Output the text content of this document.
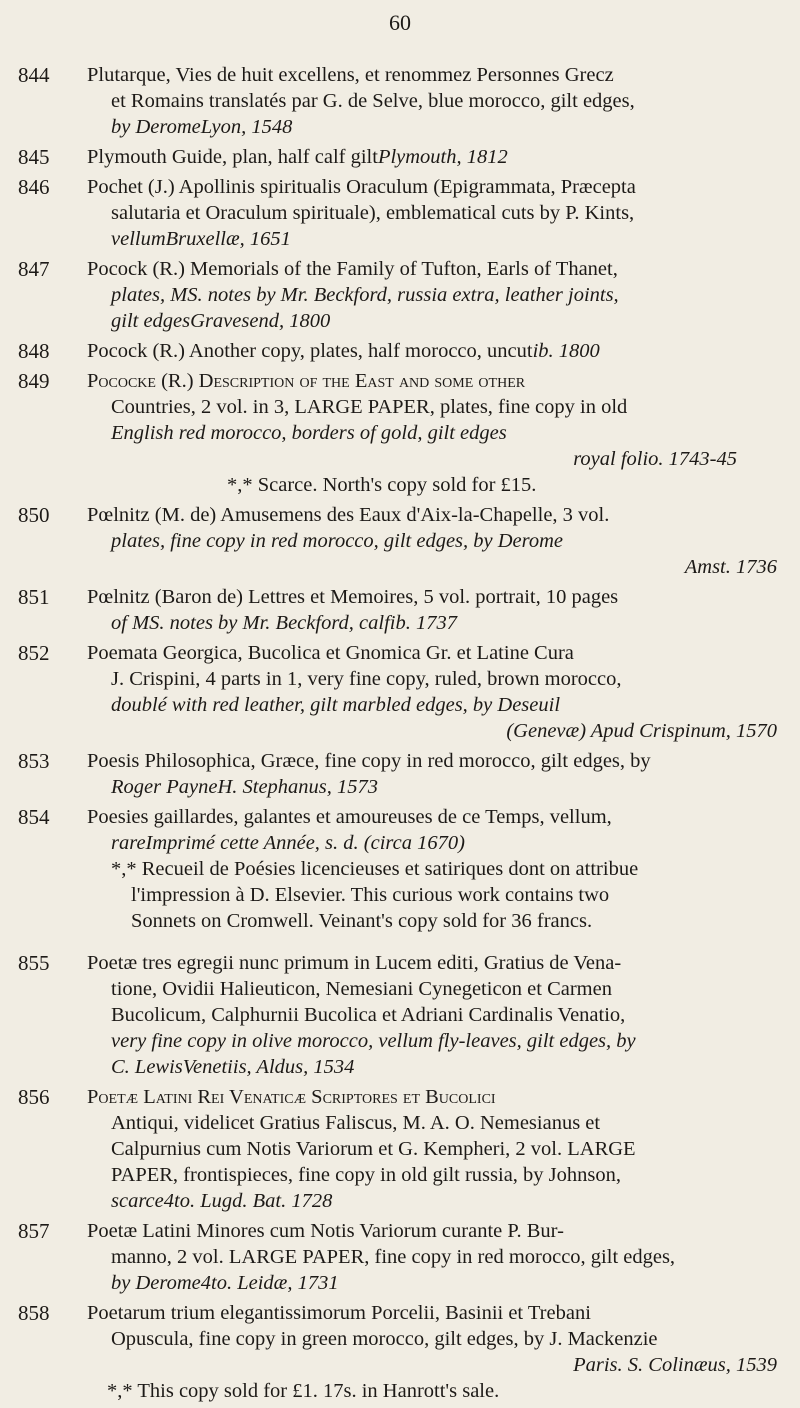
60
844 Plutarque, Vies de huit excellens, et renommez Personnes Grecz
et Romains translatés par G. de Selve, blue morocco, gilt edges,
by DeromeLyon, 1548
845 Plymouth Guide, plan, half calf giltPlymouth, 1812
846 Pochet (J.) Apollinis spiritualis Oraculum (Epigrammata, Præcepta
salutaria et Oraculum spirituale), emblematical cuts by P. Kints,
vellumBruxellæ, 1651
847 Pocock (R.) Memorials of the Family of Tufton, Earls of Thanet,
plates, MS. notes by Mr. Beckford, russia extra, leather joints,
gilt edgesGravesend, 1800
848 Pocock (R.) Another copy, plates, half morocco, uncutib. 1800
849 Pococke (R.) Description of the East and some other
Countries, 2 vol. in 3, LARGE PAPER, plates, fine copy in old
English red morocco, borders of gold, gilt edges
royal folio. 1743-45
*,* Scarce. North's copy sold for £15.
850 Pœlnitz (M. de) Amusemens des Eaux d'Aix-la-Chapelle, 3 vol.
plates, fine copy in red morocco, gilt edges, by Derome
Amst. 1736
851 Pœlnitz (Baron de) Lettres et Memoires, 5 vol. portrait, 10 pages
of MS. notes by Mr. Beckford, calfib. 1737
852 Poemata Georgica, Bucolica et Gnomica Gr. et Latine Cura
J. Crispini, 4 parts in 1, very fine copy, ruled, brown morocco,
doublé with red leather, gilt marbled edges, by Deseuil
(Genevæ) Apud Crispinum, 1570
853 Poesis Philosophica, Græce, fine copy in red morocco, gilt edges, by
Roger PayneH. Stephanus, 1573
854 Poesies gaillardes, galantes et amoureuses de ce Temps, vellum,
rareImprimé cette Année, s. d. (circa 1670)
*,* Recueil de Poésies licencieuses et satiriques dont on attribue
l'impression à D. Elsevier. This curious work contains two
Sonnets on Cromwell. Veinant's copy sold for 36 francs.
855 Poetæ tres egregii nunc primum in Lucem editi, Gratius de Vena-
tione, Ovidii Halieuticon, Nemesiani Cynegeticon et Carmen
Bucolicum, Calphurnii Bucolica et Adriani Cardinalis Venatio,
very fine copy in olive morocco, vellum fly-leaves, gilt edges, by
C. LewisVenetiis, Aldus, 1534
856 Poetæ Latini Rei Venaticæ Scriptores et Bucolici
Antiqui, videlicet Gratius Faliscus, M. A. O. Nemesianus et
Calpurnius cum Notis Variorum et G. Kempheri, 2 vol. LARGE
PAPER, frontispieces, fine copy in old gilt russia, by Johnson,
scarce4to. Lugd. Bat. 1728
857 Poetæ Latini Minores cum Notis Variorum curante P. Bur-
manno, 2 vol. LARGE PAPER, fine copy in red morocco, gilt edges,
by Derome4to. Leidæ, 1731
858 Poetarum trium elegantissimorum Porcelii, Basinii et Trebani
Opuscula, fine copy in green morocco, gilt edges, by J. Mackenzie
Paris. S. Colinæus, 1539
*,* This copy sold for £1. 17s. in Hanrott's sale.
